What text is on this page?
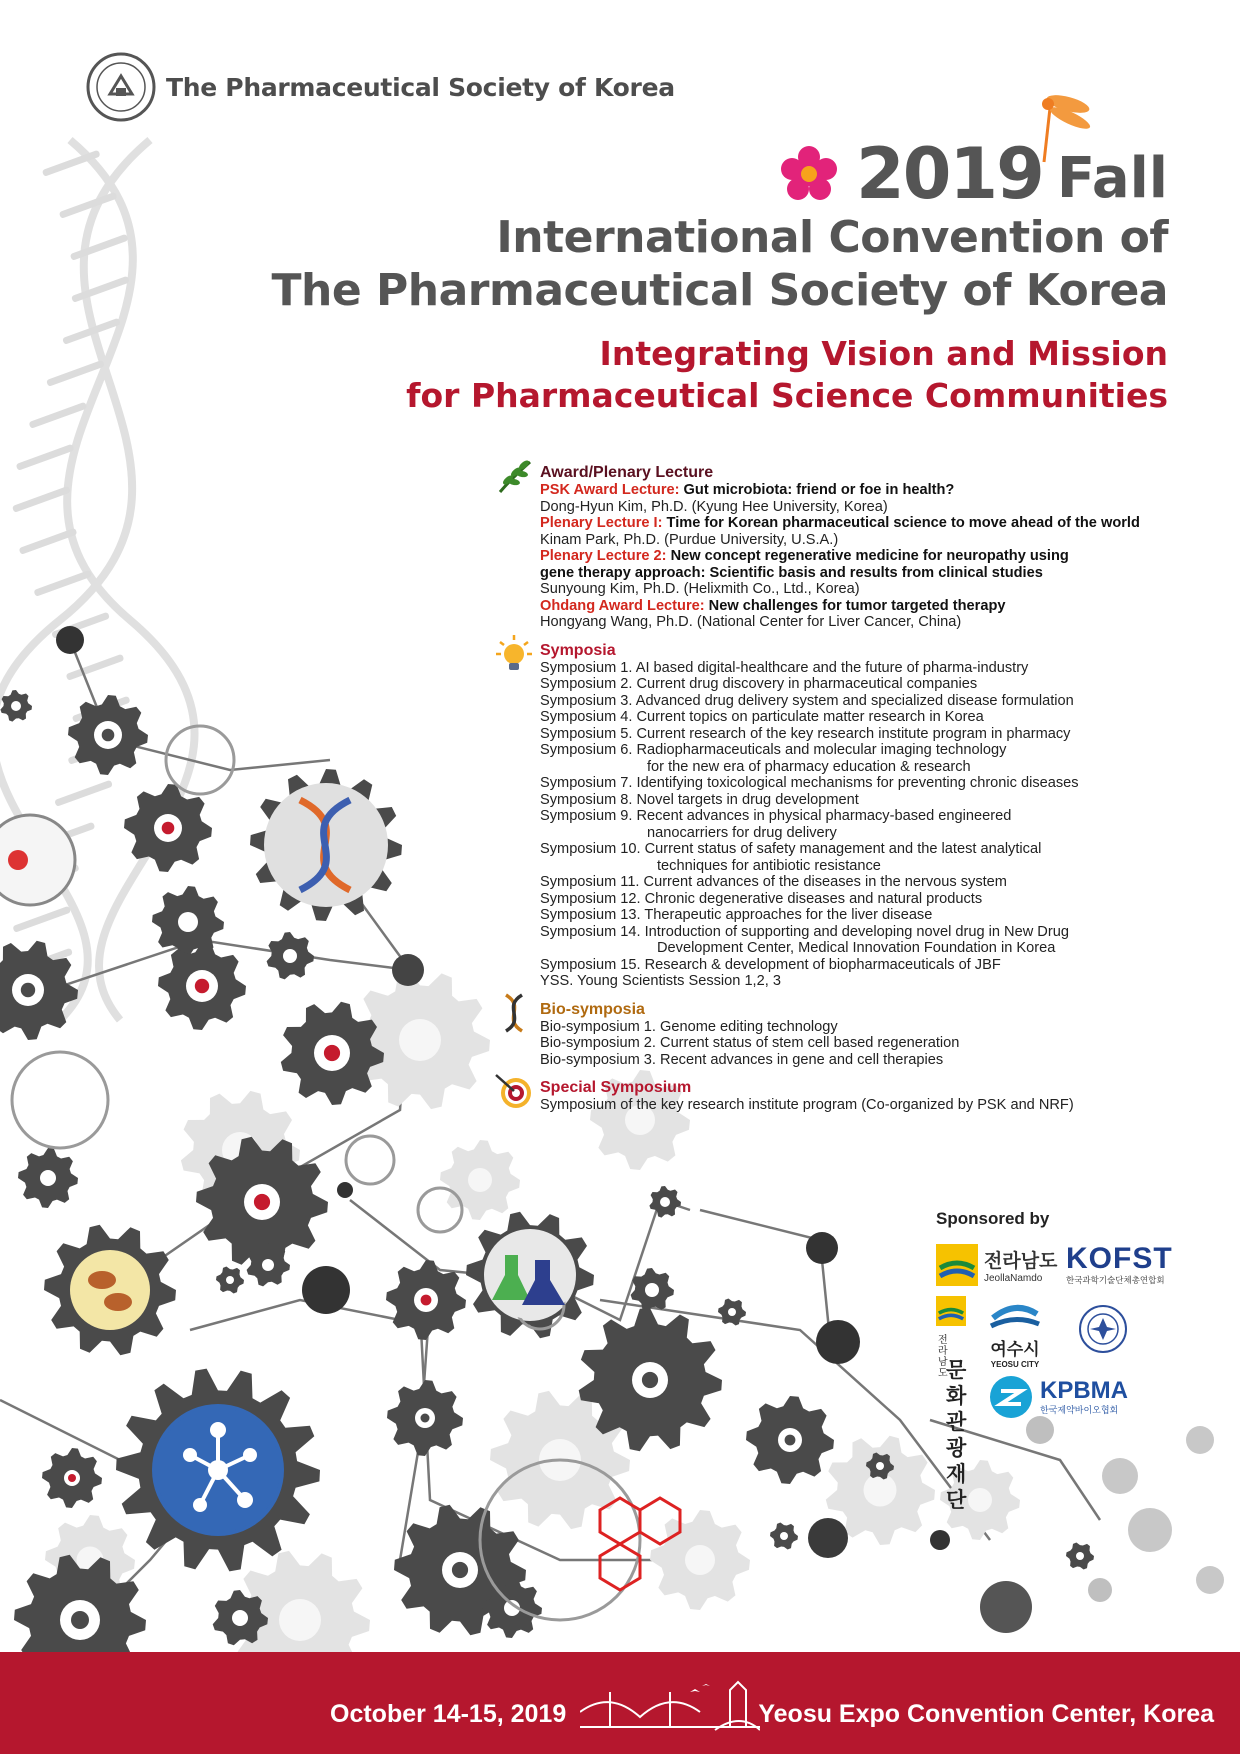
The Pharmaceutical Society of Korea
2019 Fall
International Convention of
The Pharmaceutical Society of Korea
Integrating Vision and Mission
for Pharmaceutical Science Communities
Award/Plenary Lecture
PSK Award Lecture: Gut microbiota: friend or foe in health?
Dong-Hyun Kim, Ph.D. (Kyung Hee University, Korea)
Plenary Lecture I: Time for Korean pharmaceutical science to move ahead of the world
Kinam Park, Ph.D. (Purdue University, U.S.A.)
Plenary Lecture 2: New concept regenerative medicine for neuropathy using
gene therapy approach: Scientific basis and results from clinical studies
Sunyoung Kim, Ph.D. (Helixmith Co., Ltd., Korea)
Ohdang Award Lecture: New challenges for tumor targeted therapy
Hongyang Wang, Ph.D. (National Center for Liver Cancer, China)
Symposia
Symposium 1. AI based digital-healthcare and the future of pharma-industry
Symposium 2. Current drug discovery in pharmaceutical companies
Symposium 3. Advanced drug delivery system and specialized disease formulation
Symposium 4. Current topics on particulate matter research in Korea
Symposium 5. Current research of the key research institute program in pharmacy
Symposium 6. Radiopharmaceuticals and molecular imaging technology
for the new era of pharmacy education & research
Symposium 7. Identifying toxicological mechanisms for preventing chronic diseases
Symposium 8. Novel targets in drug development
Symposium 9. Recent advances in physical pharmacy-based engineered
nanocarriers for drug delivery
Symposium 10. Current status of safety management and the latest analytical
techniques for antibiotic resistance
Symposium 11. Current advances of the diseases in the nervous system
Symposium 12. Chronic degenerative diseases and natural products
Symposium 13. Therapeutic approaches for the liver disease
Symposium 14. Introduction of supporting and developing novel drug in New Drug
Development Center, Medical Innovation Foundation in Korea
Symposium 15. Research & development of biopharmaceuticals of JBF
YSS. Young Scientists Session 1,2, 3
Bio-symposia
Bio-symposium 1. Genome editing technology
Bio-symposium 2. Current status of stem cell based regeneration
Bio-symposium 3. Recent advances in gene and cell therapies
Special Symposium
Symposium of the key research institute program (Co-organized by PSK and NRF)
Sponsored by
전라남도
JeollaNamdo
KOFST
한국과학기술단체총연합회
전라남도
문화관광재단
여수시
YEOSU CITY
KPBMA
한국제약바이오협회
October 14-15, 2019	Yeosu Expo Convention Center, Korea
